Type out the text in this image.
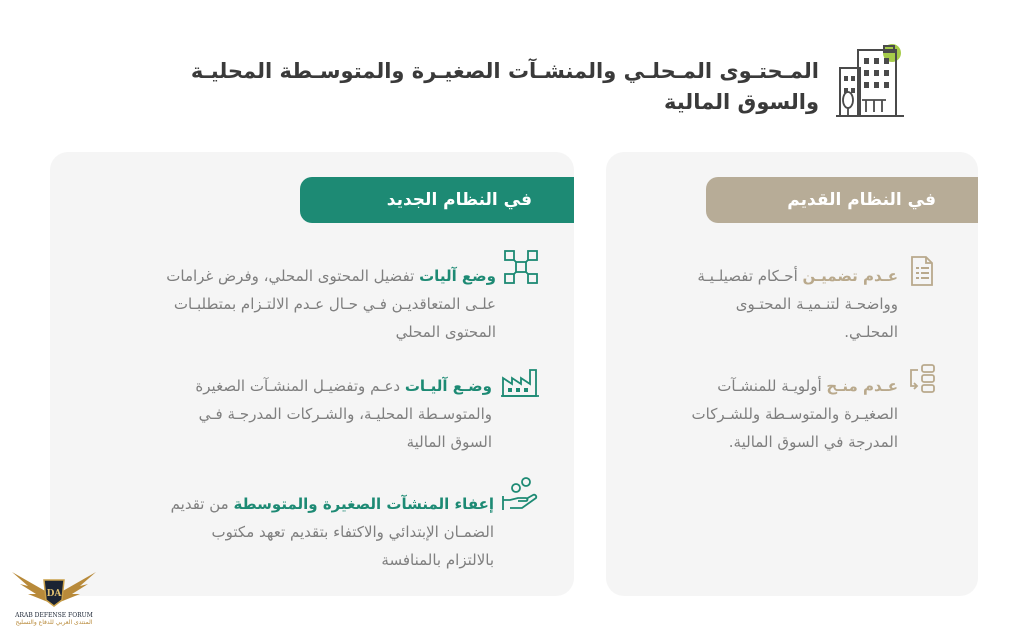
المـحتـوى المـحلـي والمنشـآت الصغيـرة والمتوسـطة المحليـة
والسوق المالية
في النظام القديم
في النظام الجديد
عـدم تضميـن أحـكام تفصيلـيـة
وواضحـة لتنـميـة المحتـوى
المحلـي.
عـدم منـح أولويـة للمنشـآت
الصغيـرة والمتوسـطة وللشـركات
المدرجة في السوق المالية.
وضع آليات تفضيل المحتوى المحلي، وفرض غرامات
علـى المتعاقديـن فـي حـال عـدم الالتـزام بمتطلبـات
المحتوى المحلي
وضـع آليـات دعـم وتفضيـل المنشـآت الصغيرة
والمتوسـطة المحليـة، والشـركات المدرجـة فـي
السوق المالية
إعفاء المنشآت الصغيرة والمتوسطة من تقديم
الضمـان الإبتدائي والاكتفاء بتقديم تعهد مكتوب
بالالتزام بالمنافسة
DA
ARAB DEFENSE FORUM
المنتدى العربي للدفاع والتسليح
